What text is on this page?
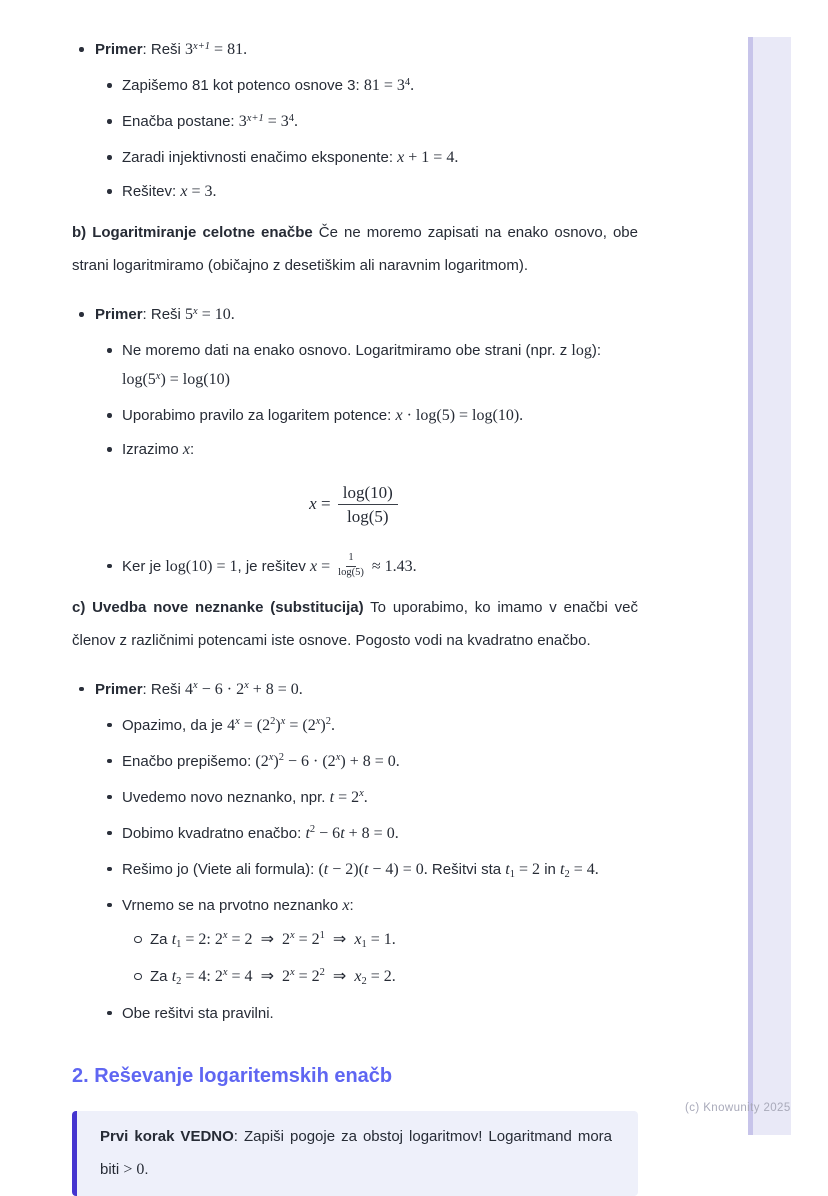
Primer: Reši $3^{x+1} = 81$.
Zapišemo 81 kot potenco osnove 3: $81 = 3^4$.
Enačba postane: $3^{x+1} = 3^4$.
Zaradi injektivnosti enačimo eksponente: x + 1 = 4.
Rešitev: x = 3.
b) Logaritmiranje celotne enačbe Če ne moremo zapisati na enako osnovo, obe strani logaritmiramo (običajno z desetiškim ali naravnim logaritmom).
Primer: Reši $5^x = 10$.
Ne moremo dati na enako osnovo. Logaritmiramo obe strani (npr. z log):
$\log(5^x) = \log(10)$
Uporabimo pravilo za logaritem potence: x · log(5) = log(10).
Izrazimo x:
$x = \frac{\log(10)}{\log(5)}$
Ker je log(10) = 1, je rešitev $x = \frac{1}{\log(5)} \approx 1.43$.
c) Uvedba nove neznanke (substitucija) To uporabimo, ko imamo v enačbi več členov z različnimi potencami iste osnove. Pogosto vodi na kvadratno enačbo.
Primer: Reši $4^x - 6 \cdot 2^x + 8 = 0$.
Opazimo, da je $4^x = (2^2)^x = (2^x)^2$.
Enačbo prepišemo: $(2^x)^2 - 6 \cdot (2^x) + 8 = 0$.
Uvedemo novo neznanko, npr. $t = 2^x$.
Dobimo kvadratno enačbo: $t^2 - 6t + 8 = 0$.
Rešimo jo (Viete ali formula): (t − 2)(t − 4) = 0. Rešitvi sta $t_1 = 2$ in $t_2 = 4$.
Vrnemo se na prvotno neznanko x:
Za $t_1 = 2$: $2^x = 2$ ⇒ $2^x = 2^1$ ⇒ $x_1 = 1$.
Za $t_2 = 4$: $2^x = 4$ ⇒ $2^x = 2^2$ ⇒ $x_2 = 2$.
Obe rešitvi sta pravilni.
2. Reševanje logaritemskih enačb
Prvi korak VEDNO: Zapiši pogoje za obstoj logaritmov! Logaritmand mora biti > 0.
(c) Knowunity 2025
